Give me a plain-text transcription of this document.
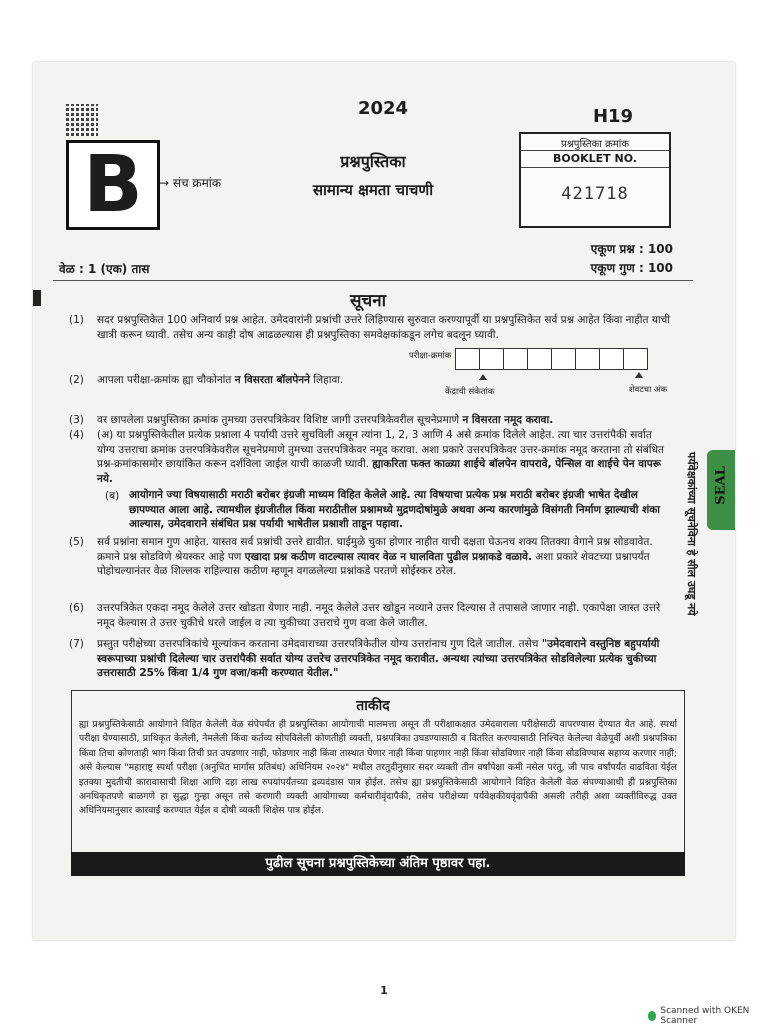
B	→ संच क्रमांक
2024	H19
प्रश्नपुस्तिका
सामान्य क्षमता चाचणी
प्रश्नपुस्तिका क्रमांक
BOOKLET NO.
421718
एकूण प्रश्न : 100
वेळ : 1 (एक) तास	एकूण गुण : 100
सूचना
(1) सदर प्रश्नपुस्तिकेत 100 अनिवार्य प्रश्न आहेत. उमेदवारांनी प्रश्नांची उत्तरे लिहिण्यास सुरुवात करण्यापूर्वी या प्रश्नपुस्तिकेत सर्व प्रश्न आहेत किंवा नाहीत याची खात्री करून घ्यावी. तसेच अन्य काही दोष आढळल्यास ही प्रश्नपुस्तिका समवेक्षकांकडून लगेच बदलून घ्यावी.
(2) आपला परीक्षा-क्रमांक ह्या चौकोनांत न विसरता बॉलपेनने लिहावा.
परीक्षा-क्रमांक
केंद्राची संकेतांक	शेवटचा अंक
(3) वर छापलेला प्रश्नपुस्तिका क्रमांक तुमच्या उत्तरपत्रिकेवर विशिष्ट जागी उत्तरपत्रिकेवरील सूचनेप्रमाणे न विसरता नमूद करावा.
(4) (अ) या प्रश्नपुस्तिकेतील प्रत्येक प्रश्नाला 4 पर्यायी उत्तरे सुचविली असून त्यांना 1, 2, 3 आणि 4 असे क्रमांक दिलेले आहेत. त्या चार उत्तरांपैकी सर्वात योग्य उत्तराचा क्रमांक उत्तरपत्रिकेवरील सूचनेप्रमाणे तुमच्या उत्तरपत्रिकेवर नमूद करावा. अशा प्रकारे उत्तरपत्रिकेवर उत्तर-क्रमांक नमूद करताना तो संबंधित प्रश्न-क्रमांकासमोर छायांकित करून दर्शविला जाईल याची काळजी घ्यावी. ह्याकरिता फक्त काळ्या शाईचे बॉलपेन वापरावे, पेन्सिल वा शाईचे पेन वापरू नये.
(ब) आयोगाने ज्या विषयासाठी मराठी बरोबर इंग्रजी माध्यम विहित केलेले आहे. त्या विषयाचा प्रत्येक प्रश्न मराठी बरोबर इंग्रजी भाषेत देखील छापण्यात आला आहे. त्यामधील इंग्रजीतील किंवा मराठीतील प्रश्नामध्ये मुद्रणदोषांमुळे अथवा अन्य कारणांमुळे विसंगती निर्माण झाल्याची शंका आल्यास, उमेदवाराने संबंधित प्रश्न पर्यायी भाषेतील प्रश्नाशी ताडून पहावा.
(5) सर्व प्रश्नांना समान गुण आहेत. यास्तव सर्व प्रश्नांची उत्तरे द्यावीत. घाईमुळे चुका होणार नाहीत याची दक्षता घेऊनच शक्य तितक्या वेगाने प्रश्न सोडवावेत. क्रमाने प्रश्न सोडविणे श्रेयस्कर आहे पण एखादा प्रश्न कठीण वाटल्यास त्यावर वेळ न घालविता पुढील प्रश्नाकडे वळावे. अशा प्रकारे शेवटच्या प्रश्नापर्यंत पोहोचल्यानंतर वेळ शिल्लक राहिल्यास कठीण म्हणून वगळलेल्या प्रश्नांकडे परतणे सोईस्कर ठरेल.
(6) उत्तरपत्रिकेत एकदा नमूद केलेले उत्तर खोडता येणार नाही. नमूद केलेले उत्तर खोडून नव्याने उत्तर दिल्यास ते तपासले जाणार नाही. एकापेक्षा जास्त उत्तरे नमूद केल्यास ते उत्तर चुकीचे धरले जाईल व त्या चुकीच्या उत्तराचे गुण वजा केले जातील.
(7) प्रस्तुत परीक्षेच्या उत्तरपत्रिकांचे मूल्यांकन करताना उमेदवाराच्या उत्तरपत्रिकेतील योग्य उत्तरांनाच गुण दिले जातील. तसेच "उमेदवाराने वस्तुनिष्ठ बहुपर्यायी स्वरूपाच्या प्रश्नांची दिलेल्या चार उत्तरांपैकी सर्वात योग्य उत्तरेच उत्तरपत्रिकेत नमूद करावीत. अन्यथा त्यांच्या उत्तरपत्रिकेत सोडविलेल्या प्रत्येक चुकीच्या उत्तरासाठी 25% किंवा 1/4 गुण वजा/कमी करण्यात येतील."
ताकीद
ह्या प्रश्नपुस्तिकेसाठी आयोगाने विहित केलेली वेळ संपेपर्यंत ही प्रश्नपुस्तिका आयोगाची मालमत्ता असून ती परीक्षाकक्षात उमेदवाराला परीक्षेसाठी वापरण्यास देण्यात येत आहे. स्पर्धा परीक्षा घेण्यासाठी, प्राधिकृत केलेली, नेमलेली किंवा कर्तव्य सोपविलेली कोणतीही व्यक्ती, प्रश्नपत्रिका उघडण्यासाठी व वितरित करण्यासाठी निश्चित केलेल्या वेळेपूर्वी अशी प्रश्नपत्रिका किंवा तिचा कोणताही भाग किंवा तिची प्रत उघडणार नाही, फोडणार नाही किंवा तास्थात घेणार नाही किंवा पाहणार नाही किंवा सोडविणार नाही किंवा सोडविण्यास सहाय्य करणार नाही; असे केल्यास "महाराष्ट्र स्पर्धा परीक्षा (अनुचित मार्गांस प्रतिबंध) अधिनियम २०२४" मधील तरतुदीनुसार सदर व्यक्ती तीन वर्षांपेक्षा कमी नसेल परंतु, जी पाच वर्षांपर्यंत वाढविता येईल इतक्या मुदतीची कारावासाची शिक्षा आणि दहा लाख रुपयांपर्यंतच्या द्रव्यदंडास पात्र होईल. तसेच ह्या प्रश्नपुस्तिकेसाठी आयोगाने विहित केलेली वेळ संपण्याआधी ही प्रश्नपुस्तिका अनधिकृतपणे बाळगणे हा सुद्धा गुन्हा असून तसे करणारी व्यक्ती आयोगाच्या कर्मचारीवृंदापैकी, तसेच परीक्षेच्या पर्यवेक्षकीयवृंदापैकी असली तरीही अशा व्यक्तीविरुद्ध उक्त अधिनियमानुसार कारवाई करण्यात येईल व दोषी व्यक्ती शिक्षेस पात्र होईल.
पुढील सूचना प्रश्नपुस्तिकेच्या अंतिम पृष्ठावर पहा.
SEAL
पर्यवेक्षकांच्या सूचनेविना हे सील उघडू नये
1
Scanned with OKEN Scanner
